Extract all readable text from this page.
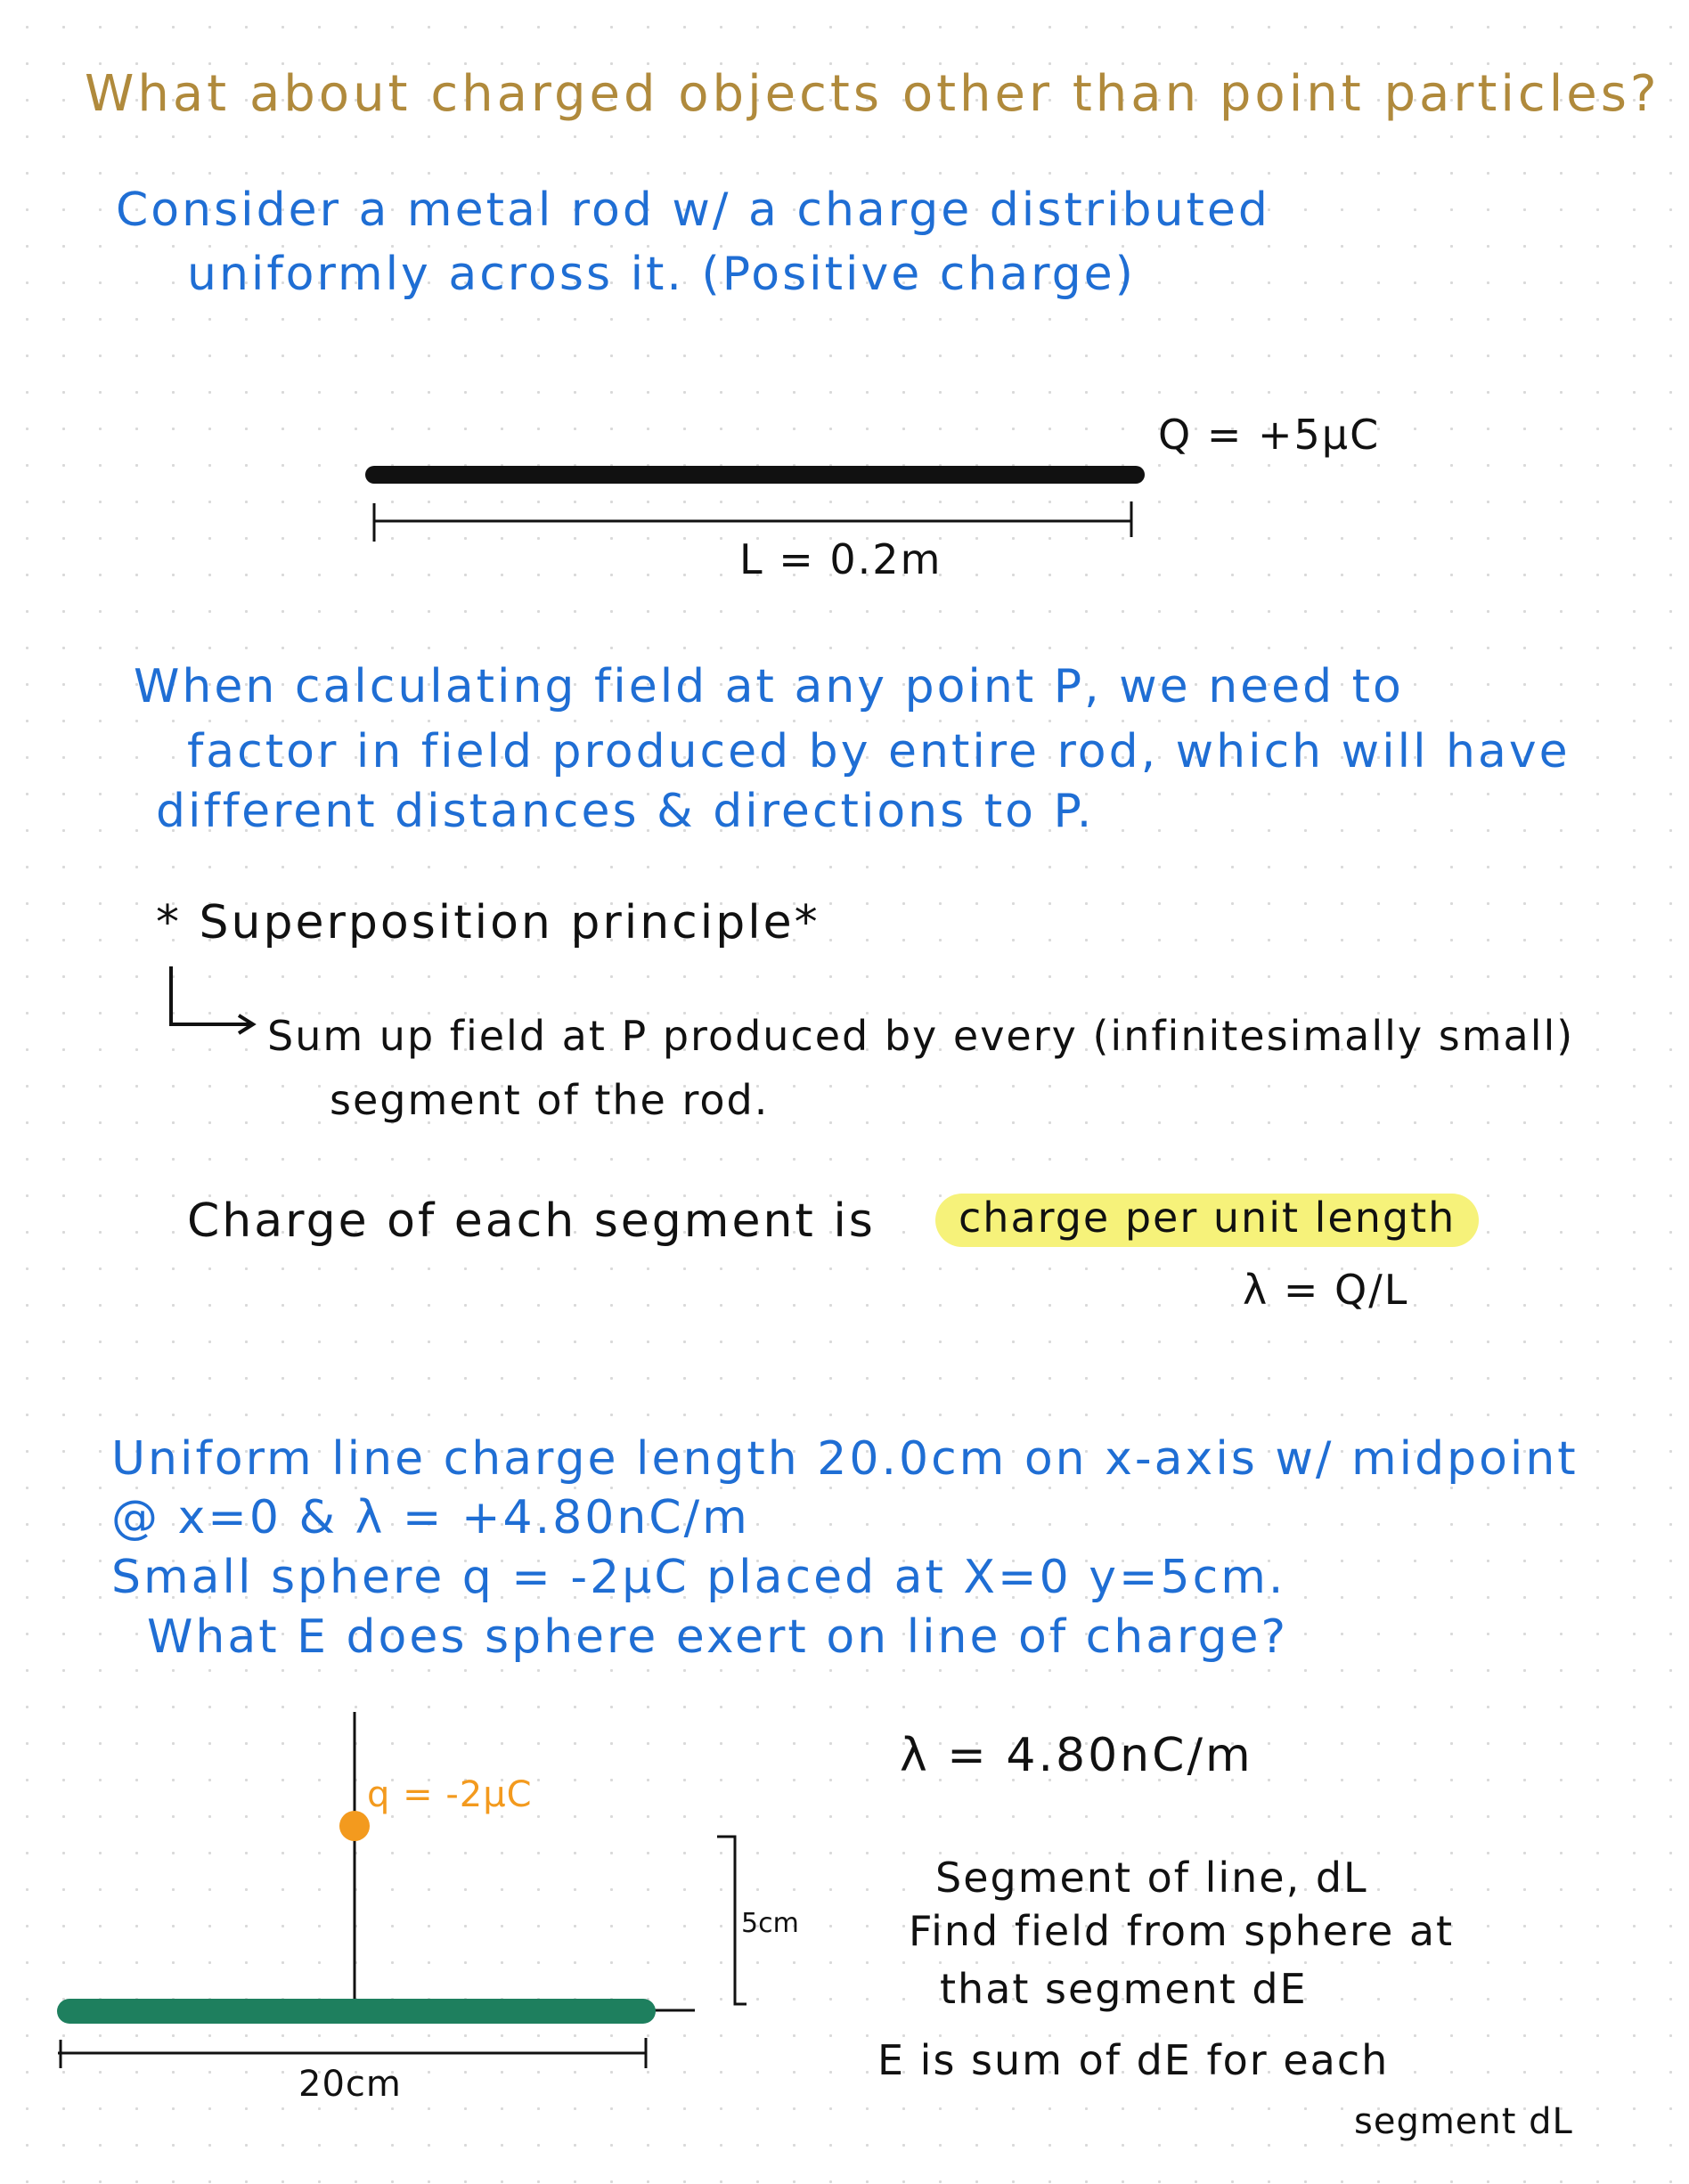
What about charged objects other than point particles?
Consider a metal rod w/ a charge distributed
uniformly across it. (Positive charge)
Q = +5μC
L = 0.2m
When calculating field at any point P, we need to
factor in field produced by entire rod, which will have
different distances & directions to P.
* Superposition principle*
Sum up field at P produced by every (infinitesimally small)
segment of the rod.
Charge of each segment is	charge per unit length
λ = Q/L
Uniform line charge length 20.0cm on x-axis w/ midpoint
@ x=0 & λ = +4.80nC/m
Small sphere q = -2μC placed at X=0 y=5cm.
What E does sphere exert on line of charge?
q = -2μC
5cm
20cm
λ = 4.80nC/m
Segment of line, dL
Find field from sphere at
that segment dE
E is sum of dE for each
segment dL
